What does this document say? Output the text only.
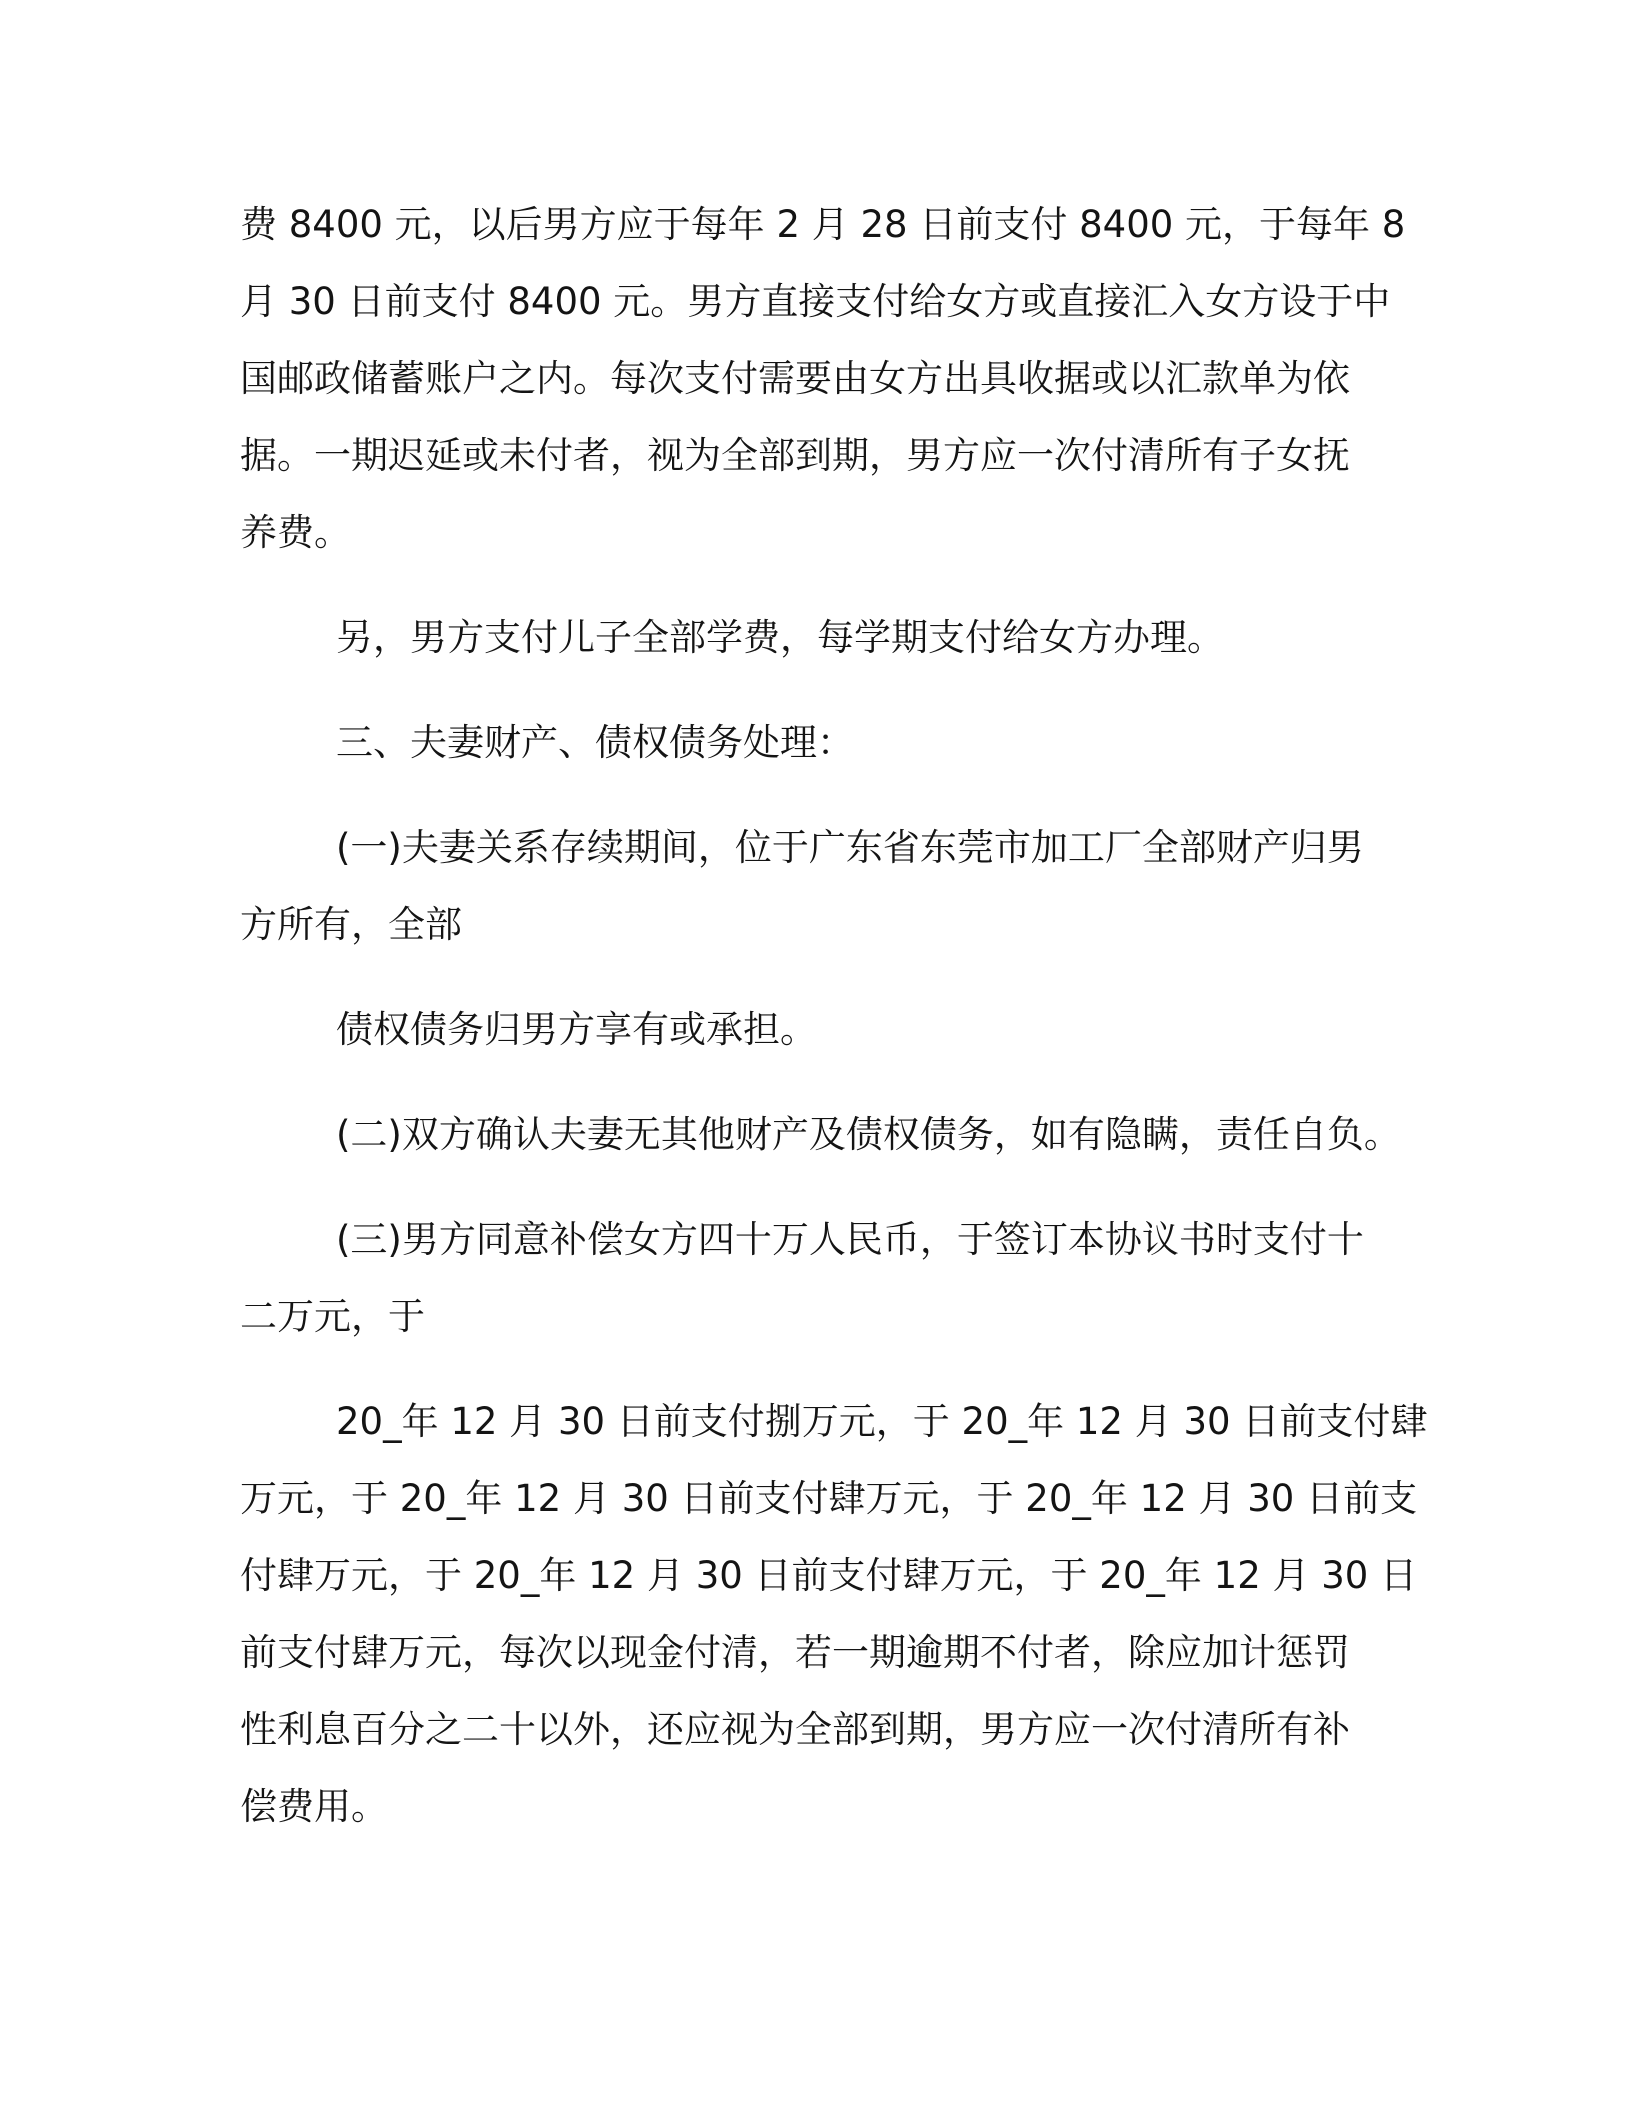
费 8400 元，以后男方应于每年 2 月 28 日前支付 8400 元，于每年 8
月 30 日前支付 8400 元。男方直接支付给女方或直接汇入女方设于中
国邮政储蓄账户之内。每次支付需要由女方出具收据或以汇款单为依
据。一期迟延或未付者，视为全部到期，男方应一次付清所有子女抚
养费。
另，男方支付儿子全部学费，每学期支付给女方办理。
三、夫妻财产、债权债务处理：
(一)夫妻关系存续期间，位于广东省东莞市加工厂全部财产归男
方所有，全部
债权债务归男方享有或承担。
(二)双方确认夫妻无其他财产及债权债务，如有隐瞒，责任自负。
(三)男方同意补偿女方四十万人民币，于签订本协议书时支付十
二万元，于
20_年 12 月 30 日前支付捌万元，于 20_年 12 月 30 日前支付肆
万元，于 20_年 12 月 30 日前支付肆万元，于 20_年 12 月 30 日前支
付肆万元，于 20_年 12 月 30 日前支付肆万元，于 20_年 12 月 30 日
前支付肆万元，每次以现金付清，若一期逾期不付者，除应加计惩罚
性利息百分之二十以外，还应视为全部到期，男方应一次付清所有补
偿费用。
